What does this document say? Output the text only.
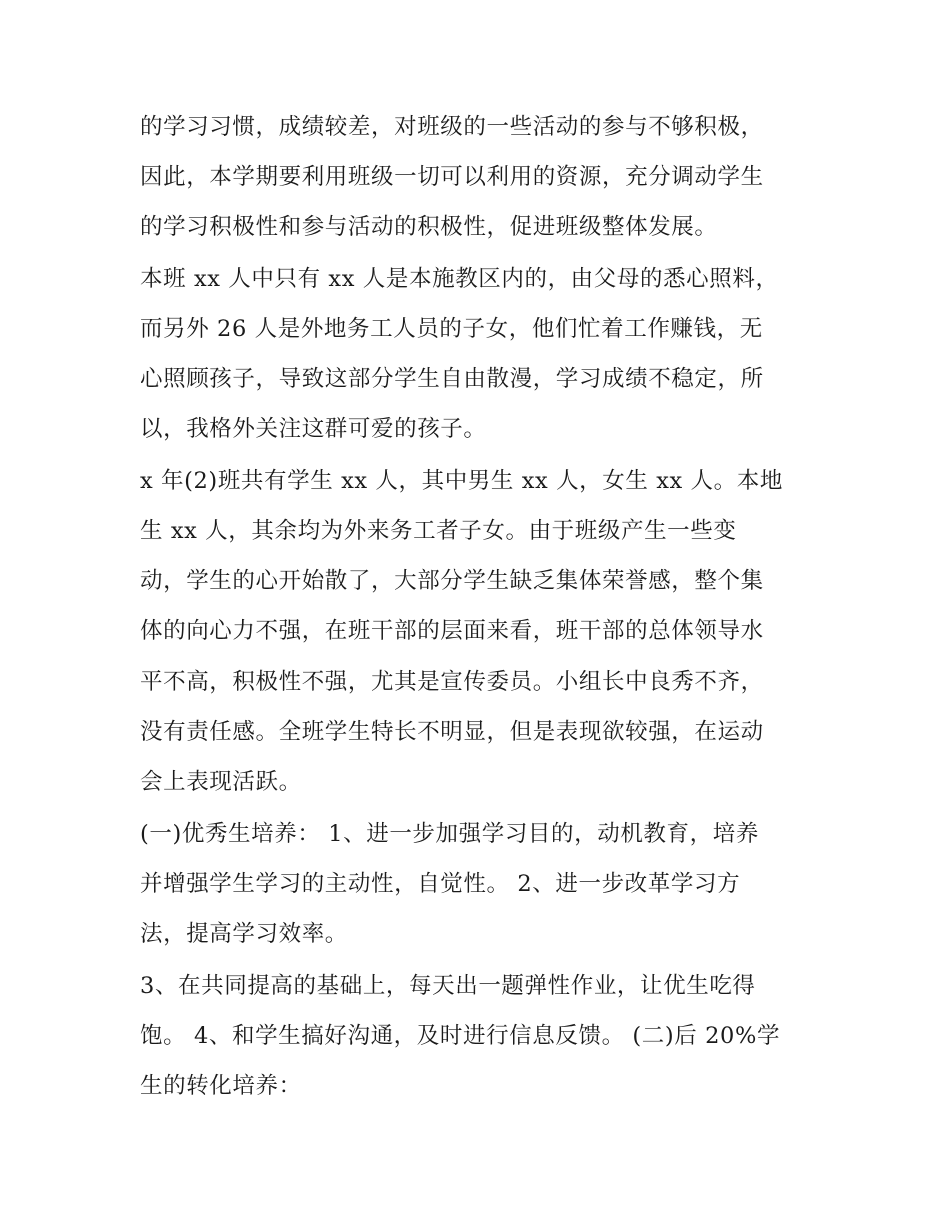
的学习习惯，成绩较差，对班级的一些活动的参与不够积极，
因此，本学期要利用班级一切可以利用的资源，充分调动学生
的学习积极性和参与活动的积极性，促进班级整体发展。
本班 xx 人中只有 xx 人是本施教区内的，由父母的悉心照料，
而另外 26 人是外地务工人员的子女，他们忙着工作赚钱，无
心照顾孩子，导致这部分学生自由散漫，学习成绩不稳定，所
以，我格外关注这群可爱的孩子。
x 年(2)班共有学生 xx 人，其中男生 xx 人，女生 xx 人。本地
生 xx 人，其余均为外来务工者子女。由于班级产生一些变
动，学生的心开始散了，大部分学生缺乏集体荣誉感，整个集
体的向心力不强，在班干部的层面来看，班干部的总体领导水
平不高，积极性不强，尤其是宣传委员。小组长中良秀不齐，
没有责任感。全班学生特长不明显，但是表现欲较强，在运动
会上表现活跃。
(一)优秀生培养： 1、进一步加强学习目的，动机教育，培养
并增强学生学习的主动性，自觉性。 2、进一步改革学习方
法，提高学习效率。
3、在共同提高的基础上，每天出一题弹性作业，让优生吃得
饱。 4、和学生搞好沟通，及时进行信息反馈。 (二)后 20%学
生的转化培养：
